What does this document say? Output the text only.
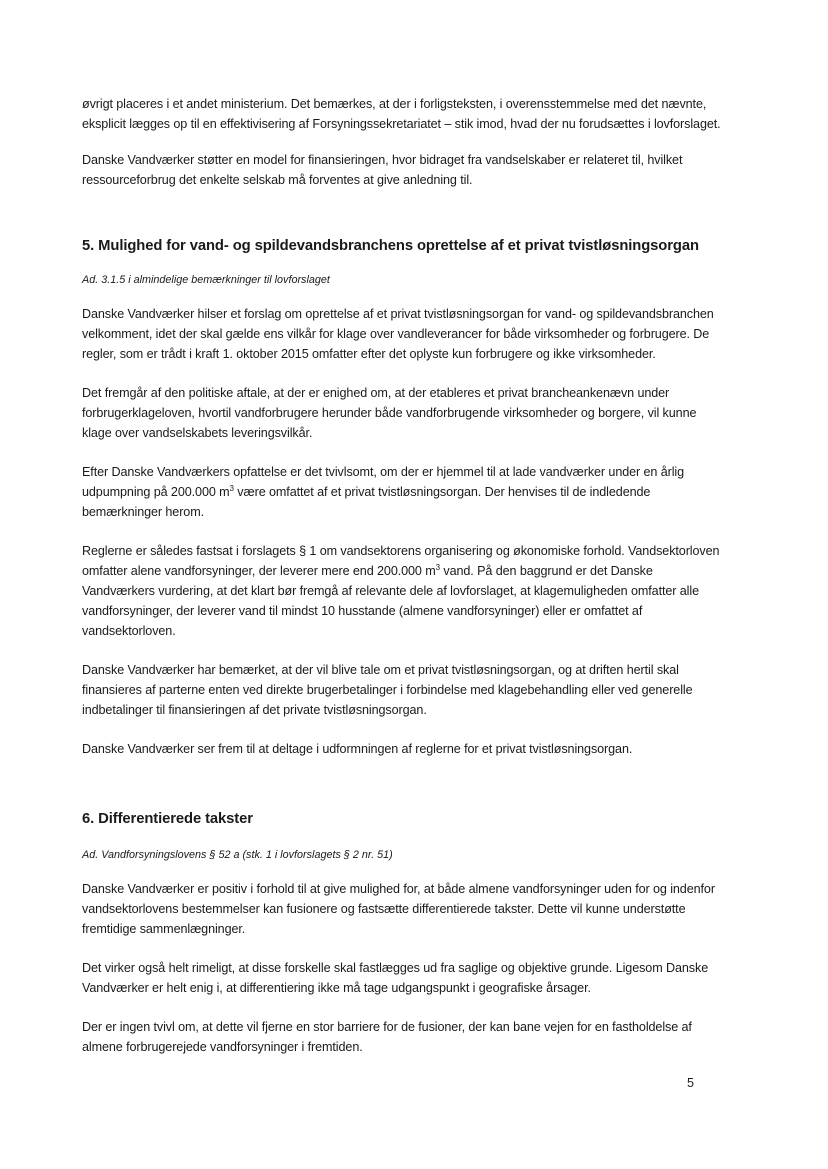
øvrigt placeres i et andet ministerium. Det bemærkes, at der i forligsteksten, i overensstemmelse med det nævnte, eksplicit lægges op til en effektivisering af Forsyningssekretariatet – stik imod, hvad der nu forudsættes i lovforslaget.

Danske Vandværker støtter en model for finansieringen, hvor bidraget fra vandselskaber er relateret til, hvilket ressourceforbrug det enkelte selskab må forventes at give anledning til.

5. Mulighed for vand- og spildevandsbranchens oprettelse af et privat tvistløsningsorgan
Ad. 3.1.5 i almindelige bemærkninger til lovforslaget

Danske Vandværker hilser et forslag om oprettelse af et privat tvistløsningsorgan for vand- og spildevandsbranchen velkomment, idet der skal gælde ens vilkår for klage over vandleverancer for både virksomheder og forbrugere. De regler, som er trådt i kraft 1. oktober 2015 omfatter efter det oplyste kun forbrugere og ikke virksomheder.

Det fremgår af den politiske aftale, at der er enighed om, at der etableres et privat brancheankenævn under forbrugerklageloven, hvortil vandforbrugere herunder både vandforbrugende virksomheder og borgere, vil kunne klage over vandselskabets leveringsvilkår.

Efter Danske Vandværkers opfattelse er det tvivlsomt, om der er hjemmel til at lade vandværker under en årlig udpumpning på 200.000 $m^3$ være omfattet af et privat tvistløsningsorgan. Der henvises til de indledende bemærkninger herom.

Reglerne er således fastsat i forslagets § 1 om vandsektorens organisering og økonomiske forhold. Vandsektorloven omfatter alene vandforsyninger, der leverer mere end 200.000 $m^3$ vand. På den baggrund er det Danske Vandværkers vurdering, at det klart bør fremgå af relevante dele af lovforslaget, at klagemuligheden omfatter alle vandforsyninger, der leverer vand til mindst 10 husstande (almene vandforsyninger) eller er omfattet af vandsektorloven.

Danske Vandværker har bemærket, at der vil blive tale om et privat tvistløsningsorgan, og at driften hertil skal finansieres af parterne enten ved direkte brugerbetalinger i forbindelse med klagebehandling eller ved generelle indbetalinger til finansieringen af det private tvistløsningsorgan.

Danske Vandværker ser frem til at deltage i udformningen af reglerne for et privat tvistløsningsorgan.

6. Differentierede takster
Ad. Vandforsyningslovens § 52 a (stk. 1 i lovforslagets § 2 nr. 51)

Danske Vandværker er positiv i forhold til at give mulighed for, at både almene vandforsyninger uden for og indenfor vandsektorlovens bestemmelser kan fusionere og fastsætte differentierede takster. Dette vil kunne understøtte fremtidige sammenlægninger.

Det virker også helt rimeligt, at disse forskelle skal fastlægges ud fra saglige og objektive grunde. Ligesom Danske Vandværker er helt enig i, at differentiering ikke må tage udgangspunkt i geografiske årsager.

Der er ingen tvivl om, at dette vil fjerne en stor barriere for de fusioner, der kan bane vejen for en fastholdelse af almene forbrugerejede vandforsyninger i fremtiden.

5
